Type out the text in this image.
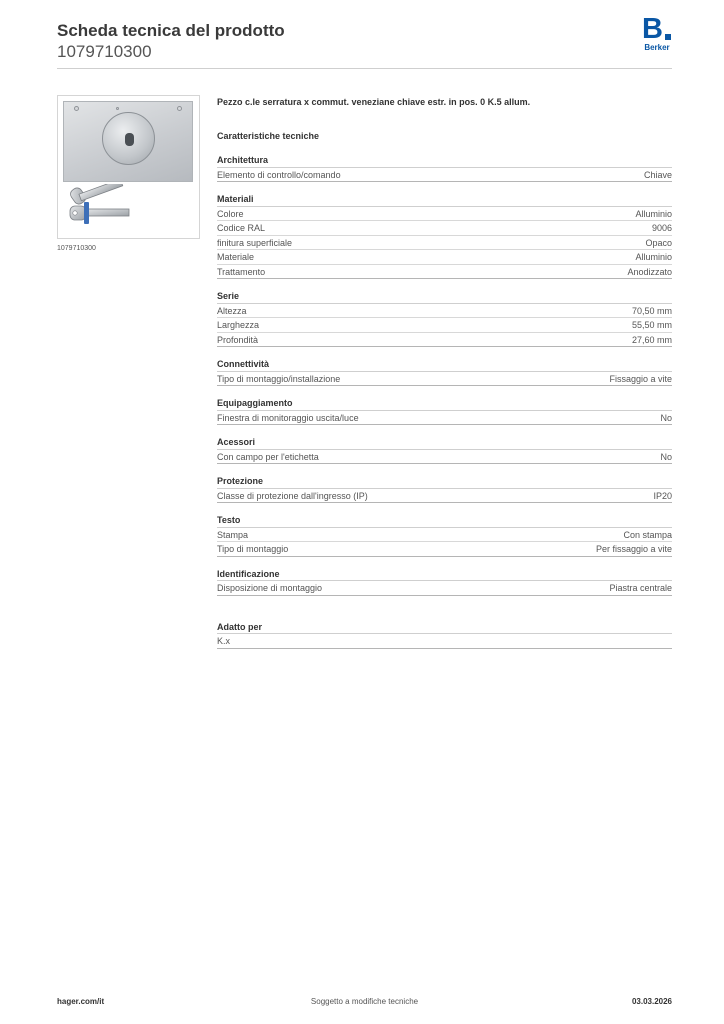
Scheda tecnica del prodotto
1079710300
B
Berker
1079710300
Pezzo c.le serratura x commut. veneziane chiave estr. in pos. 0 K.5 allum.
Caratteristiche tecniche
Architettura
Elemento di controllo/comando	Chiave
Materiali
Colore	Alluminio
Codice RAL	9006
finitura superficiale	Opaco
Materiale	Alluminio
Trattamento	Anodizzato
Serie
Altezza	70,50 mm
Larghezza	55,50 mm
Profondità	27,60 mm
Connettività
Tipo di montaggio/installazione	Fissaggio a vite
Equipaggiamento
Finestra di monitoraggio uscita/luce	No
Acessori
Con campo per l'etichetta	No
Protezione
Classe di protezione dall'ingresso (IP)	IP20
Testo
Stampa	Con stampa
Tipo di montaggio	Per fissaggio a vite
Identificazione
Disposizione di montaggio	Piastra centrale
Adatto per
K.x
hager.com/it	Soggetto a modifiche tecniche	03.03.2026
